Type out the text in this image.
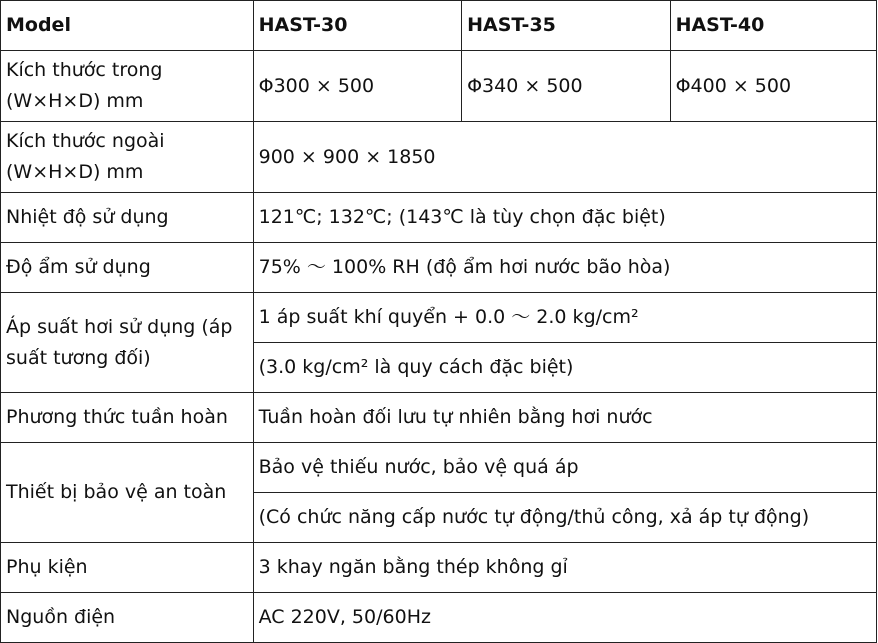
Model	HAST-30	HAST-35	HAST-40
Kích thước trong
(W×H×D) mm	Φ300 × 500	Φ340 × 500	Φ400 × 500
Kích thước ngoài
(W×H×D) mm	900 × 900 × 1850		
Nhiệt độ sử dụng	121℃; 132℃; (143℃ là tùy chọn đặc biệt)		
Độ ẩm sử dụng	75% ～ 100% RH (độ ẩm hơi nước bão hòa)		
Áp suất hơi sử dụng (áp
suất tương đối)	1 áp suất khí quyển + 0.0 ～ 2.0 kg/cm²		
	(3.0 kg/cm² là quy cách đặc biệt)		
Phương thức tuần hoàn	Tuần hoàn đối lưu tự nhiên bằng hơi nước		
Thiết bị bảo vệ an toàn	Bảo vệ thiếu nước, bảo vệ quá áp		
	(Có chức năng cấp nước tự động/thủ công, xả áp tự động)		
Phụ kiện	3 khay ngăn bằng thép không gỉ		
Nguồn điện	AC 220V, 50/60Hz		
